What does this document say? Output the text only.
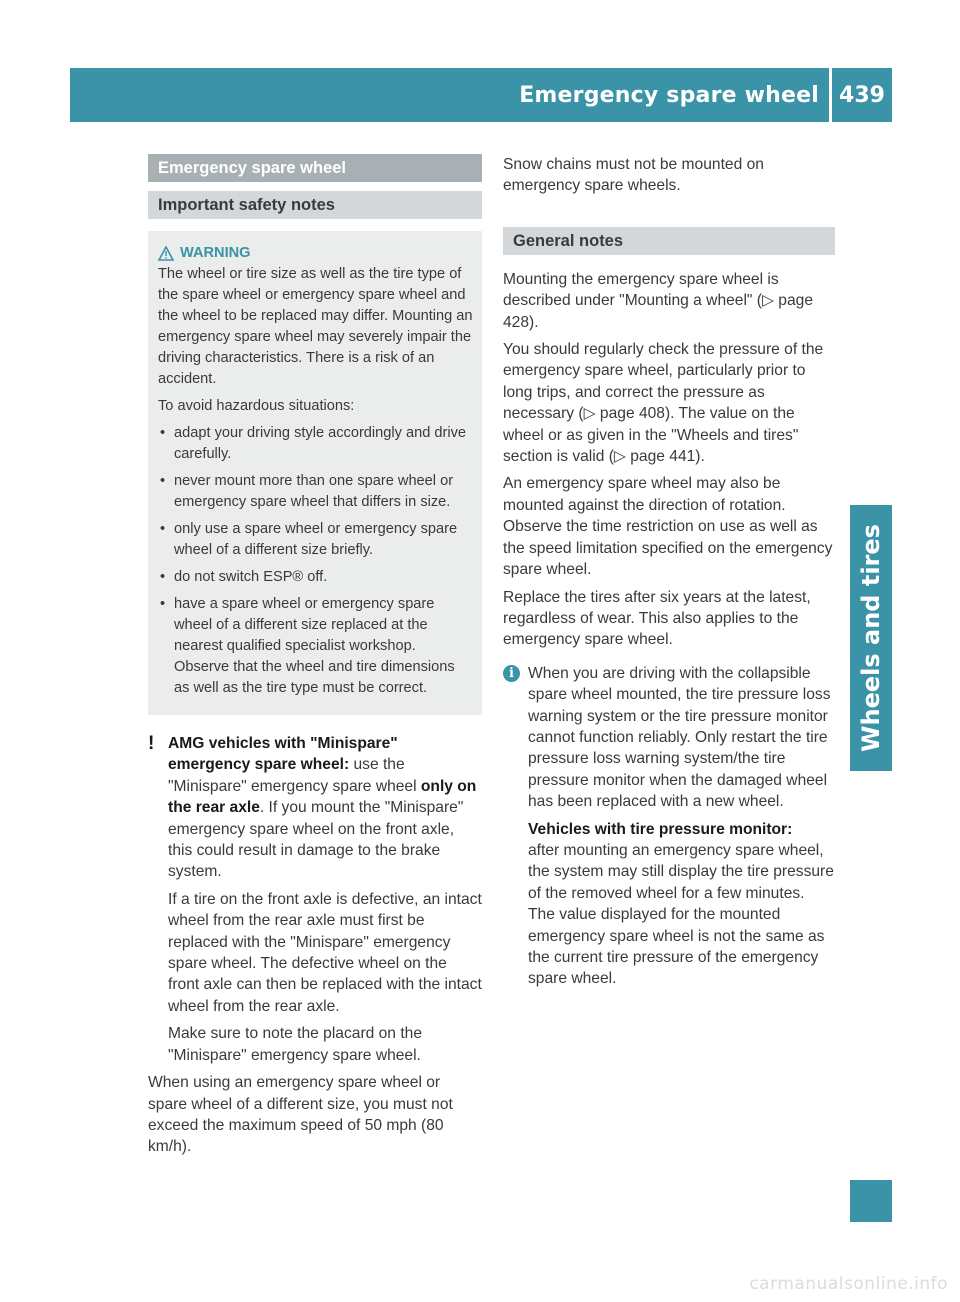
Emergency spare wheel 439
Wheels and tires
Emergency spare wheel
Important safety notes
WARNING

The wheel or tire size as well as the tire type of the spare wheel or emergency spare wheel and the wheel to be replaced may differ. Mounting an emergency spare wheel may severely impair the driving characteristics. There is a risk of an accident.

To avoid hazardous situations:

• adapt your driving style accordingly and drive carefully.
• never mount more than one spare wheel or emergency spare wheel that differs in size.
• only use a spare wheel or emergency spare wheel of a different size briefly.
• do not switch ESP® off.
• have a spare wheel or emergency spare wheel of a different size replaced at the nearest qualified specialist workshop. Observe that the wheel and tire dimensions as well as the tire type must be correct.
! AMG vehicles with "Minispare" emergency spare wheel: use the "Minispare" emergency spare wheel only on the rear axle. If you mount the "Minispare" emergency spare wheel on the front axle, this could result in damage to the brake system.

If a tire on the front axle is defective, an intact wheel from the rear axle must first be replaced with the "Minispare" emergency spare wheel. The defective wheel on the front axle can then be replaced with the intact wheel from the rear axle.

Make sure to note the placard on the "Minispare" emergency spare wheel.

When using an emergency spare wheel or spare wheel of a different size, you must not exceed the maximum speed of 50 mph (80 km/h).

Snow chains must not be mounted on emergency spare wheels.

General notes

Mounting the emergency spare wheel is described under "Mounting a wheel" (▷ page 428).

You should regularly check the pressure of the emergency spare wheel, particularly prior to long trips, and correct the pressure as necessary (▷ page 408). The value on the wheel or as given in the "Wheels and tires" section is valid (▷ page 441).

An emergency spare wheel may also be mounted against the direction of rotation. Observe the time restriction on use as well as the speed limitation specified on the emergency spare wheel.

Replace the tires after six years at the latest, regardless of wear. This also applies to the emergency spare wheel.

i When you are driving with the collapsible spare wheel mounted, the tire pressure loss warning system or the tire pressure monitor cannot function reliably. Only restart the tire pressure loss warning system/the tire pressure monitor when the damaged wheel has been replaced with a new wheel.

Vehicles with tire pressure monitor:

after mounting an emergency spare wheel, the system may still display the tire pressure of the removed wheel for a few minutes. The value displayed for the mounted emergency spare wheel is not the same as the current tire pressure of the emergency spare wheel.

carmanualsonline.info
